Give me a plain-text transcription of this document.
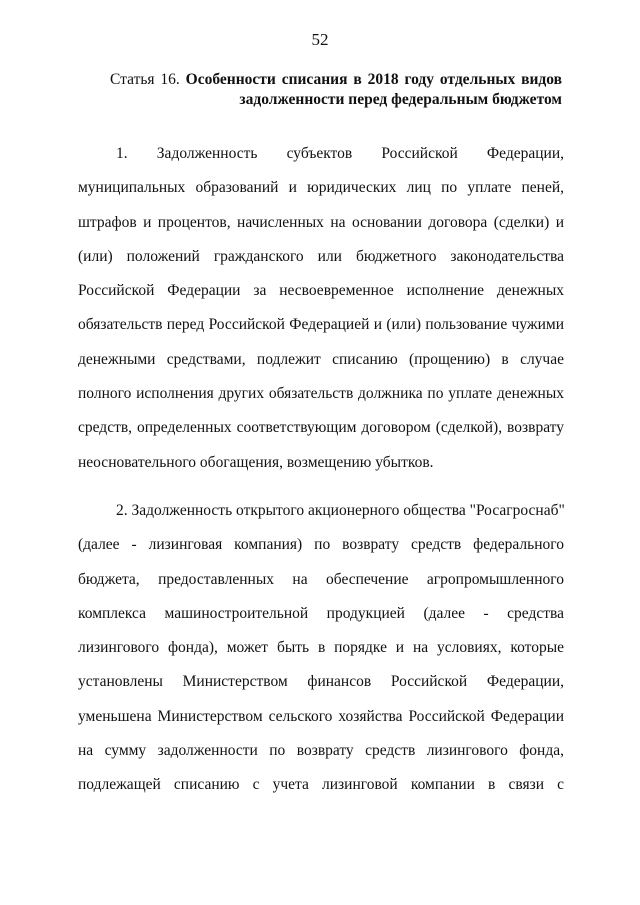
52
Статья 16. Особенности списания в 2018 году отдельных видов
задолженности перед федеральным бюджетом
1. Задолженность субъектов Российской Федерации,
муниципальных образований и юридических лиц по уплате пеней,
штрафов и процентов, начисленных на основании договора (сделки) и
(или) положений гражданского или бюджетного законодательства
Российской Федерации за несвоевременное исполнение денежных
обязательств перед Российской Федерацией и (или) пользование чужими
денежными средствами, подлежит списанию (прощению) в случае
полного исполнения других обязательств должника по уплате денежных
средств, определенных соответствующим договором (сделкой), возврату
неосновательного обогащения, возмещению убытков.
2. Задолженность открытого акционерного общества "Росагроснаб"
(далее - лизинговая компания) по возврату средств федерального
бюджета, предоставленных на обеспечение агропромышленного
комплекса машиностроительной продукцией (далее - средства
лизингового фонда), может быть в порядке и на условиях, которые
установлены Министерством финансов Российской Федерации,
уменьшена Министерством сельского хозяйства Российской Федерации
на сумму задолженности по возврату средств лизингового фонда,
подлежащей списанию с учета лизинговой компании в связи с
